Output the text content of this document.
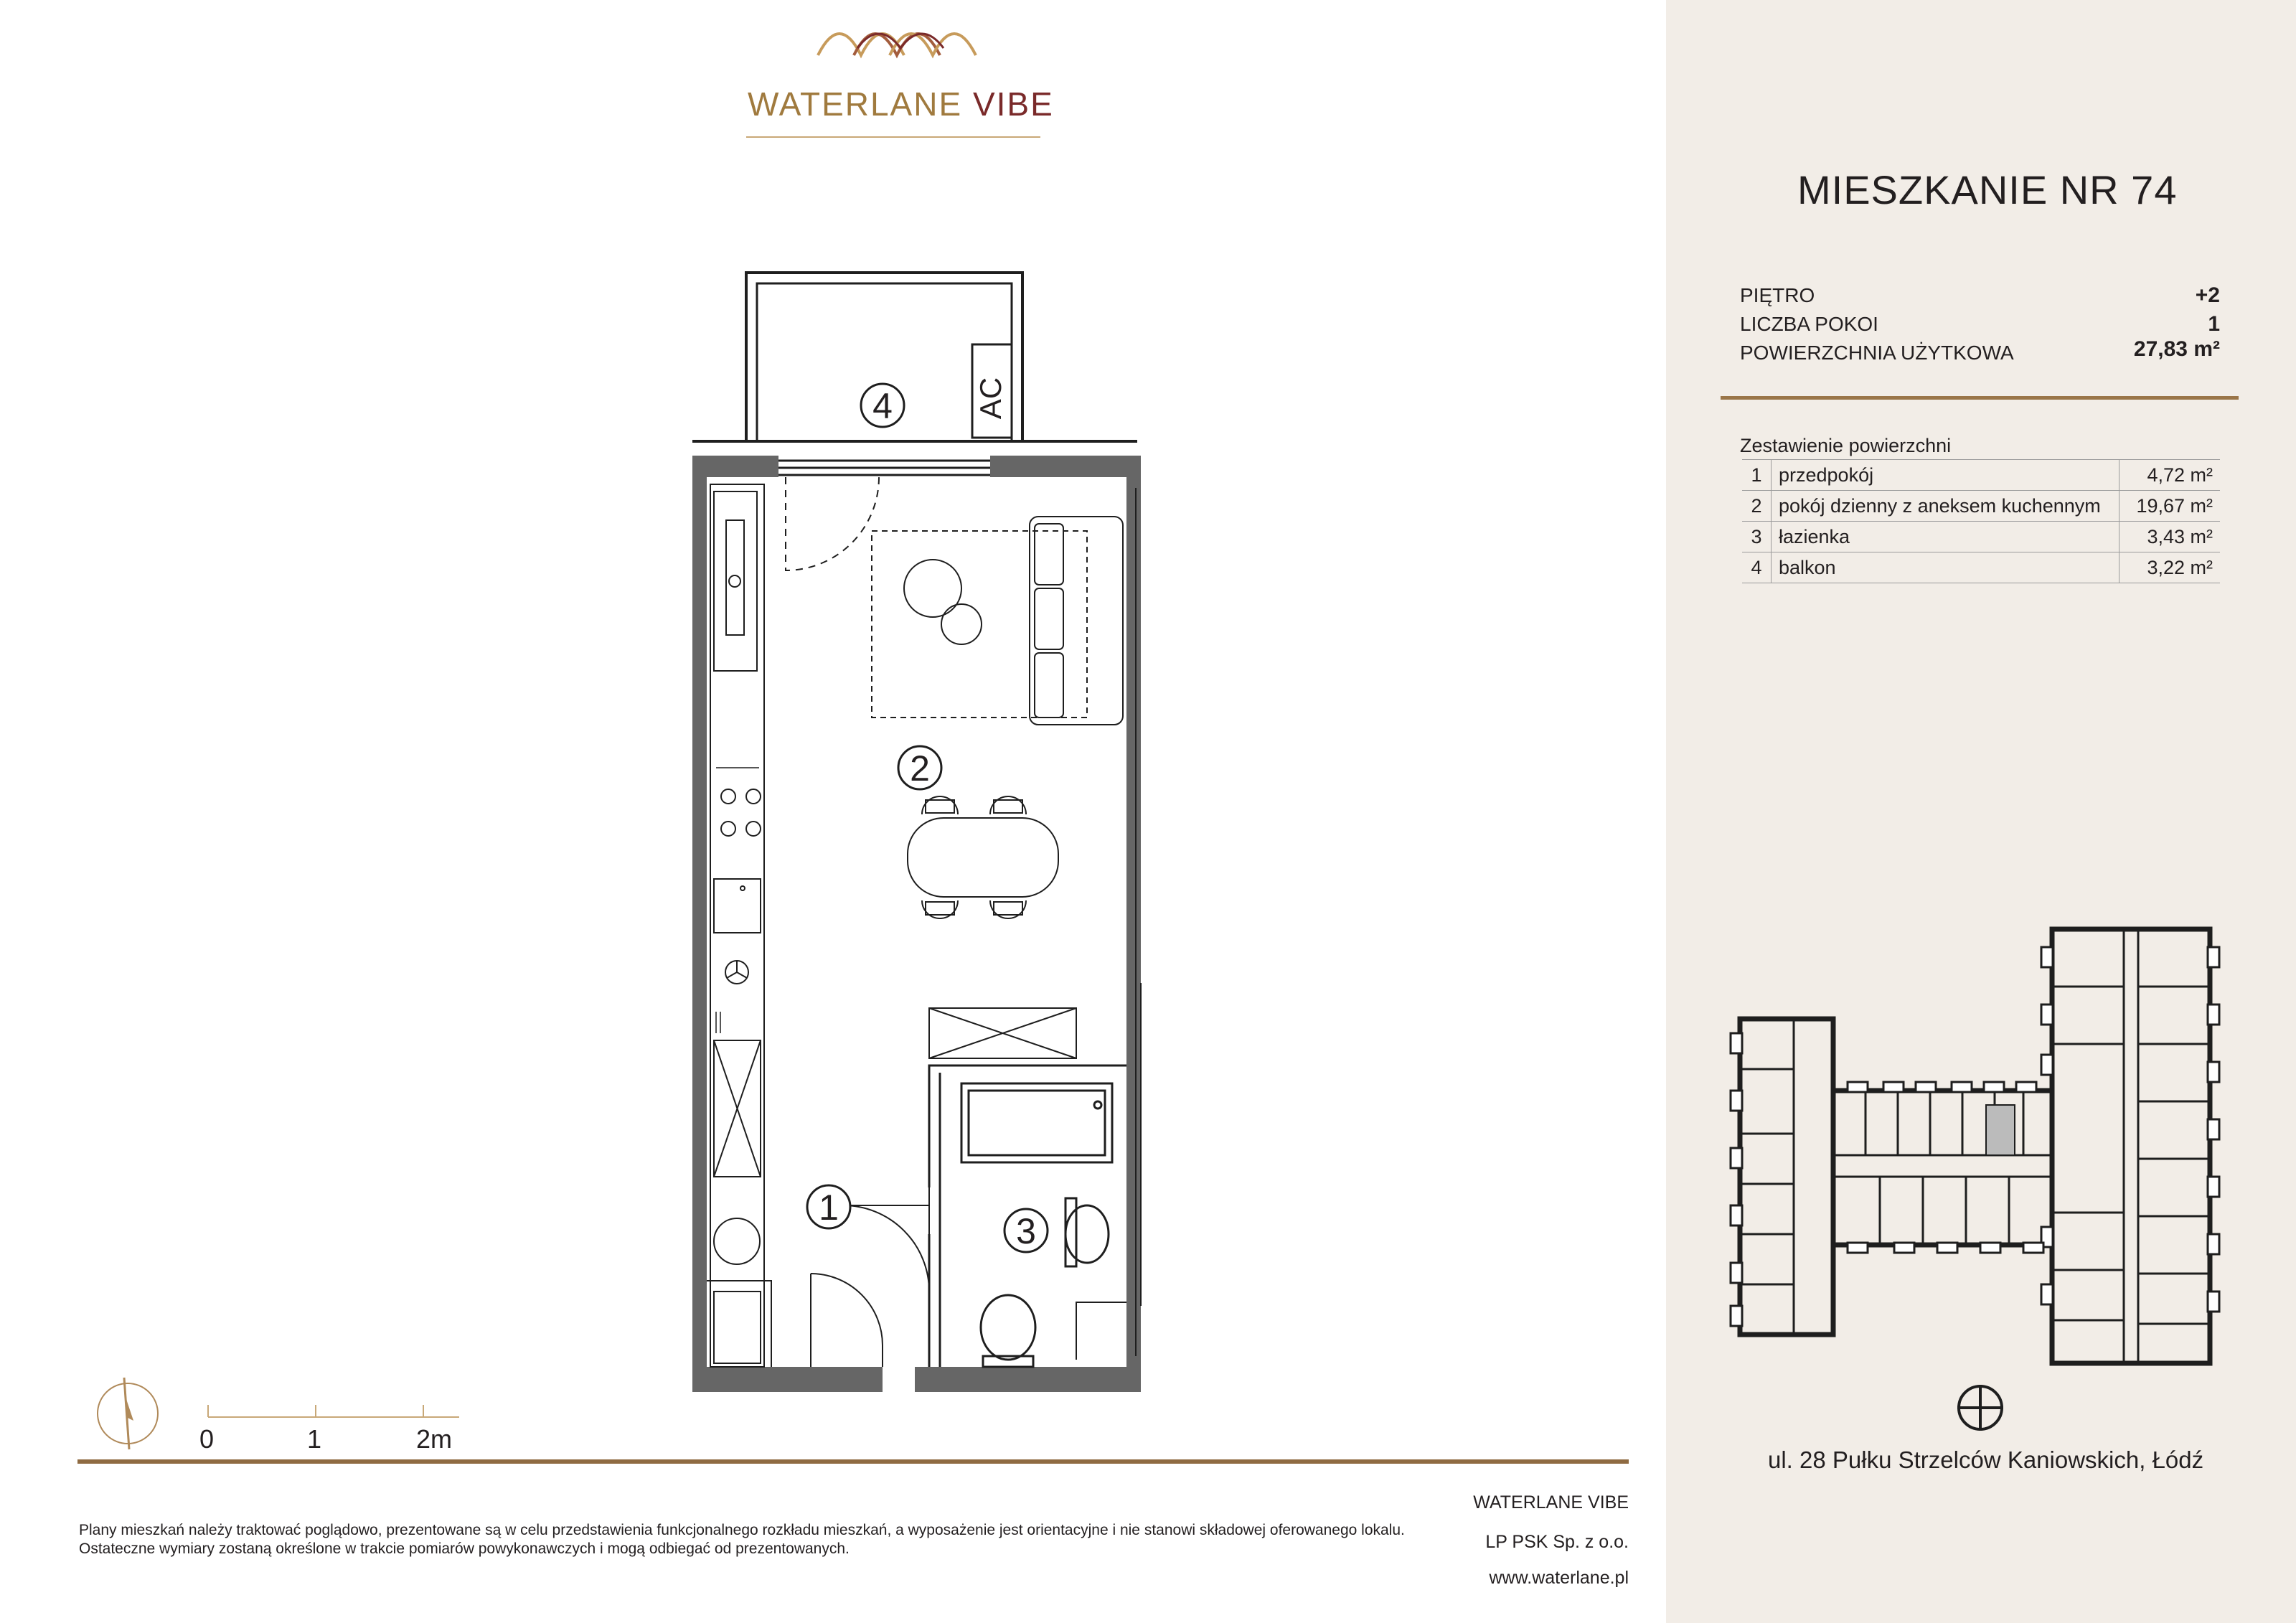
MIESZKANIE NR 74
PIĘTRO	+2
LICZBA POKOI	1
POWIERZCHNIA UŻYTKOWA	27,83 m²
Zestawienie powierzchni
1	przedpokój	4,72 m²
2	pokój dzienny z aneksem kuchennym	19,67 m²
3	łazienka	3,43 m²
4	balkon	3,22 m²
ul. 28 Pułku Strzelców Kaniowskich, Łódź
WATERLANE VIBE
AC
4
2
1
3
0	1	2m
Plany mieszkań należy traktować poglądowo, prezentowane są w celu przedstawienia funkcjonalnego rozkładu mieszkań, a wyposażenie jest orientacyjne i nie stanowi składowej oferowanego lokalu.
Ostateczne wymiary zostaną określone w trakcie pomiarów powykonawczych i mogą odbiegać od prezentowanych.
WATERLANE VIBE
LP PSK Sp. z o.o.
www.waterlane.pl
